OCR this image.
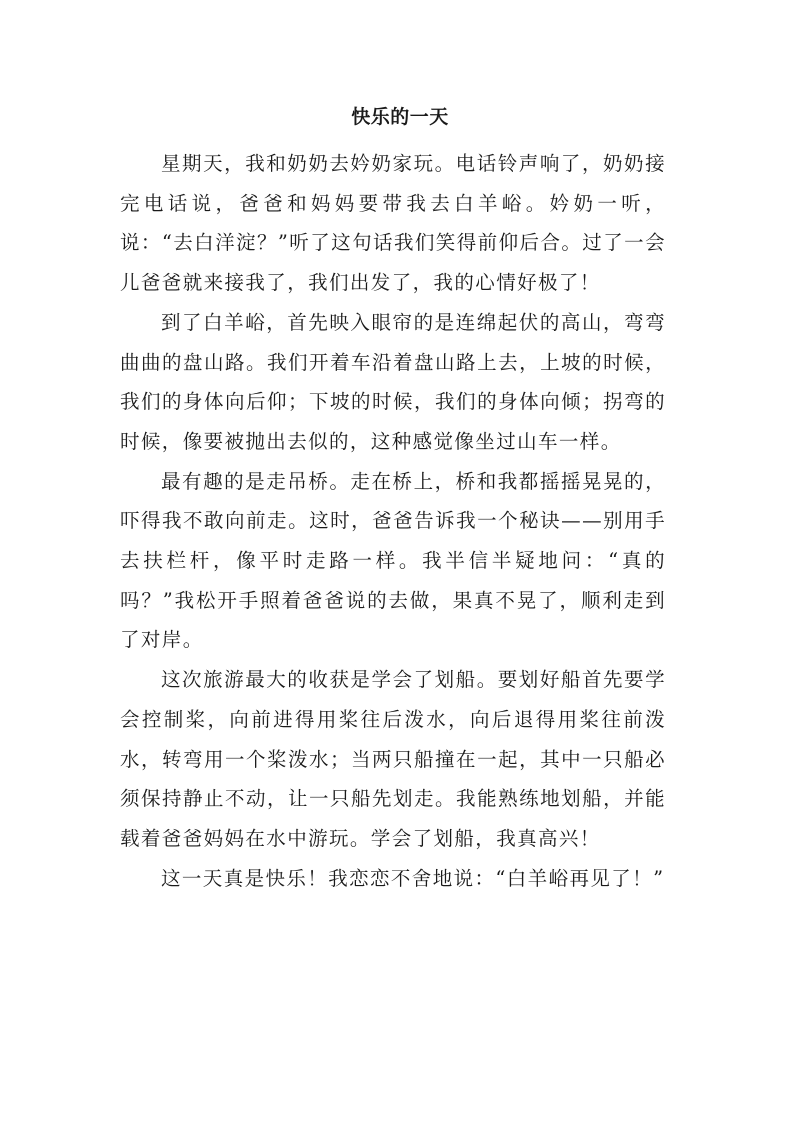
快乐的一天

星期天，我和奶奶去妗奶家玩。电话铃声响了，奶奶接完电话说，爸爸和妈妈要带我去白羊峪。妗奶一听，说：“去白洋淀？”听了这句话我们笑得前仰后合。过了一会儿爸爸就来接我了，我们出发了，我的心情好极了！

到了白羊峪，首先映入眼帘的是连绵起伏的高山，弯弯曲曲的盘山路。我们开着车沿着盘山路上去，上坡的时候，我们的身体向后仰；下坡的时候，我们的身体向倾；拐弯的时候，像要被抛出去似的，这种感觉像坐过山车一样。

最有趣的是走吊桥。走在桥上，桥和我都摇摇晃晃的，吓得我不敢向前走。这时，爸爸告诉我一个秘诀——别用手去扶栏杆，像平时走路一样。我半信半疑地问：“真的吗？”我松开手照着爸爸说的去做，果真不晃了，顺利走到了对岸。

这次旅游最大的收获是学会了划船。要划好船首先要学会控制桨，向前进得用桨往后泼水，向后退得用桨往前泼水，转弯用一个桨泼水；当两只船撞在一起，其中一只船必须保持静止不动，让一只船先划走。我能熟练地划船，并能载着爸爸妈妈在水中游玩。学会了划船，我真高兴！

这一天真是快乐！我恋恋不舍地说：“白羊峪再见了！”
